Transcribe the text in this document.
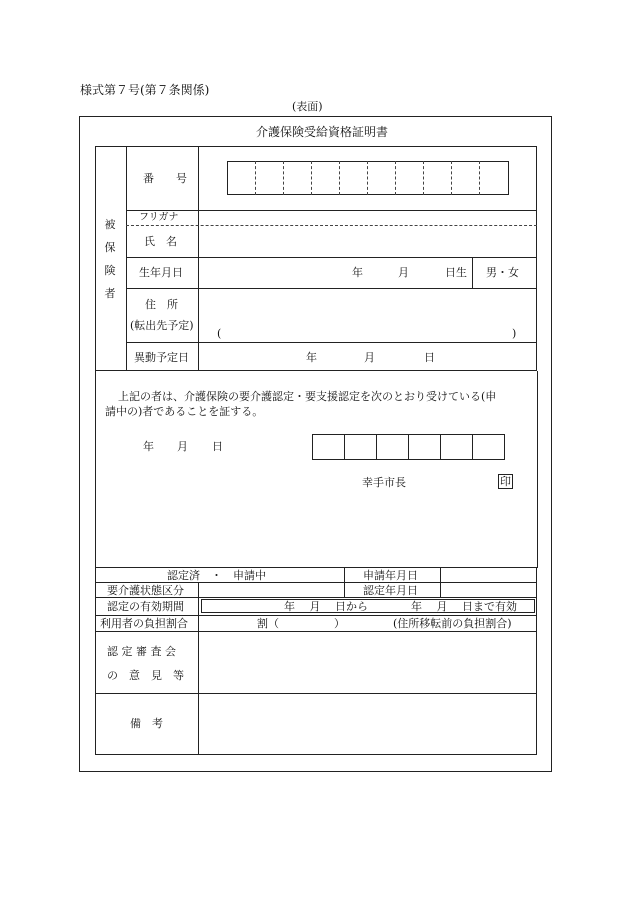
様式第７号(第７条関係)
(表面)
介護保険受給資格証明書
被
保
険
者
番　　号
フリガナ
氏　名
生年月日	年	月	日生 男・女
住　所
(転出先予定)
(	)
異動予定日	年	月	日
上記の者は、介護保険の要介護認定・要支援認定を次のとおり受けている(申
請中の)者であることを証する。
年 月 日
幸手市長	印
認定済　・　申請中	申請年月日
要介護状態区分	認定年月日
認定の有効期間	年　 月　 日から	年　 月　 日まで有効
利用者の負担割合	割（　　　　　）	(住所移転前の負担割合)
認 定 審 査 会
の　意　見　等
備　考
